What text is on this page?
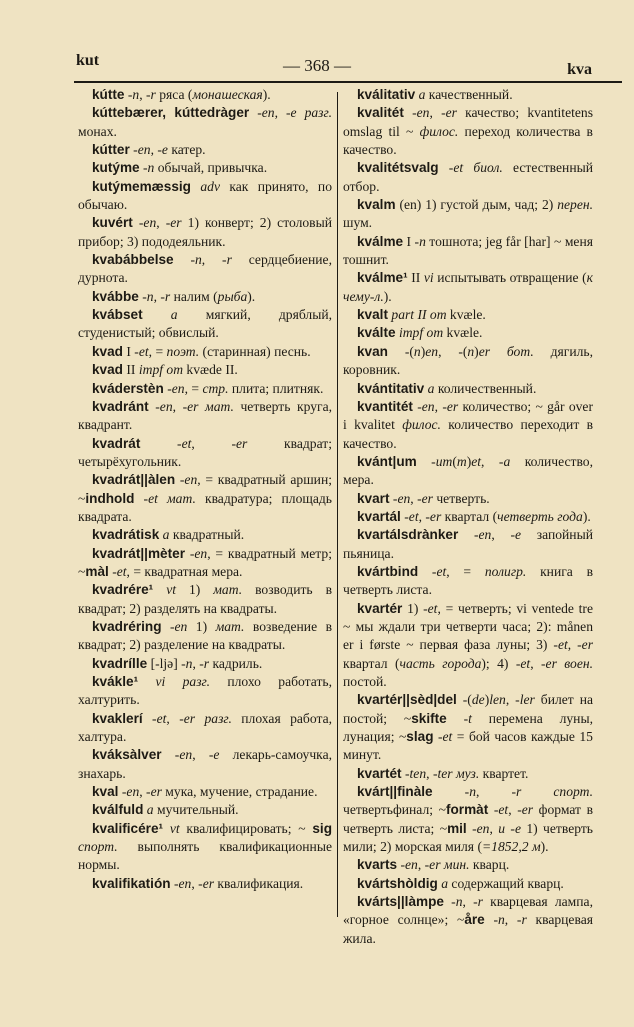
kut	— 368 —	kva

kútte -n, -r ряса (монашеская).

kúttebærer, kúttedràger -en, -e разг. монах.

kútter -en, -e катер.

kutýme -n обычай, привычка.

kutýmemæssig adv как принято, по обычаю.

kuvért -en, -er 1) конверт; 2) столовый прибор; 3) пододеяльник.

kvabábbelse -n, -r сердцебиение, дурнота.

kvábbe -n, -r налим (рыба).

kvábset a мягкий, дряблый, студенистый; обвислый.

kvad I -et, = поэт. (старинная) песнь.

kvad II impf om kvæde II.

kváderstèn -en, = стр. плита; плитняк.

kvadránt -en, -er мат. четверть круга, квадрант.

kvadrát -et, -er квадрат; четырёхугольник.

kvadrát||àlen -en, = квадратный аршин; ~indhold -et мат. квадратура; площадь квадрата.

kvadrátisk a квадратный.

kvadrát||mèter -en, = квадратный метр; ~màl -et, = квадратная мера.

kvadrére¹ vt 1) мат. возводить в квадрат; 2) разделять на квадраты.

kvadréring -en 1) мат. возведение в квадрат; 2) разделение на квадраты.

kvadrílle [-ljə] -n, -r кадриль.

kvákle¹ vi разг. плохо работать, халтурить.

kvaklerí -et, -er разг. плохая работа, халтура.

kváksàlver -en, -e лекарь-самоучка, знахарь.

kval -en, -er мука, мучение, страдание.

kválfuld a мучительный.

kvalificére¹ vt квалифицировать; ~ sig спорт. выполнять квалификационные нормы.

kvalifikatión -en, -er квалификация.

kválitativ a качественный.

kvalitét -en, -er качество; kvantitetens omslag til ~ филос. переход количества в качество.

kvalitétsvalg -et биол. естественный отбор.

kvalm (en) 1) густой дым, чад; 2) перен. шум.

kválme I -n тошнота; jeg får [har] ~ меня тошнит.

kválme¹ II vi испытывать отвращение (к чему-л.).

kvalt part II om kvæle.

kválte impf om kvæle.

kvan -(n)en, -(n)er бот. дягиль, коровник.

kvántitativ a количественный.

kvantitét -en, -er количество; ~ går over i kvalitet филос. количество переходит в качество.

kvánt|um -um(m)et, -a количество, мера.

kvart -en, -er четверть.

kvartál -et, -er квартал (четверть года).

kvartálsdrànker -en, -e запойный пьяница.

kvártbind -et, = полигр. книга в четверть листа.

kvartér 1) -et, = четверть; vi ventede tre ~ мы ждали три четверти часа; 2): månen er i første ~ первая фаза луны; 3) -et, -er квартал (часть города); 4) -et, -er воен. постой.

kvartér||sèd|del -(de)len, -ler билет на постой; ~skifte -t перемена луны, лунация; ~slag -et = бой часов каждые 15 минут.

kvartét -ten, -ter муз. квартет.

kvárt||finàle -n, -r спорт. четвертьфинал; ~formàt -et, -er формат в четверть листа; ~mil -en, u -e 1) четверть мили; 2) морская миля (=1852,2 м).

kvarts -en, -er мин. кварц.

kvártshòldig a содержащий кварц.

kvárts||làmpe -n, -r кварцевая лампа, «горное солнце»; ~åre -n, -r кварцевая жила.
